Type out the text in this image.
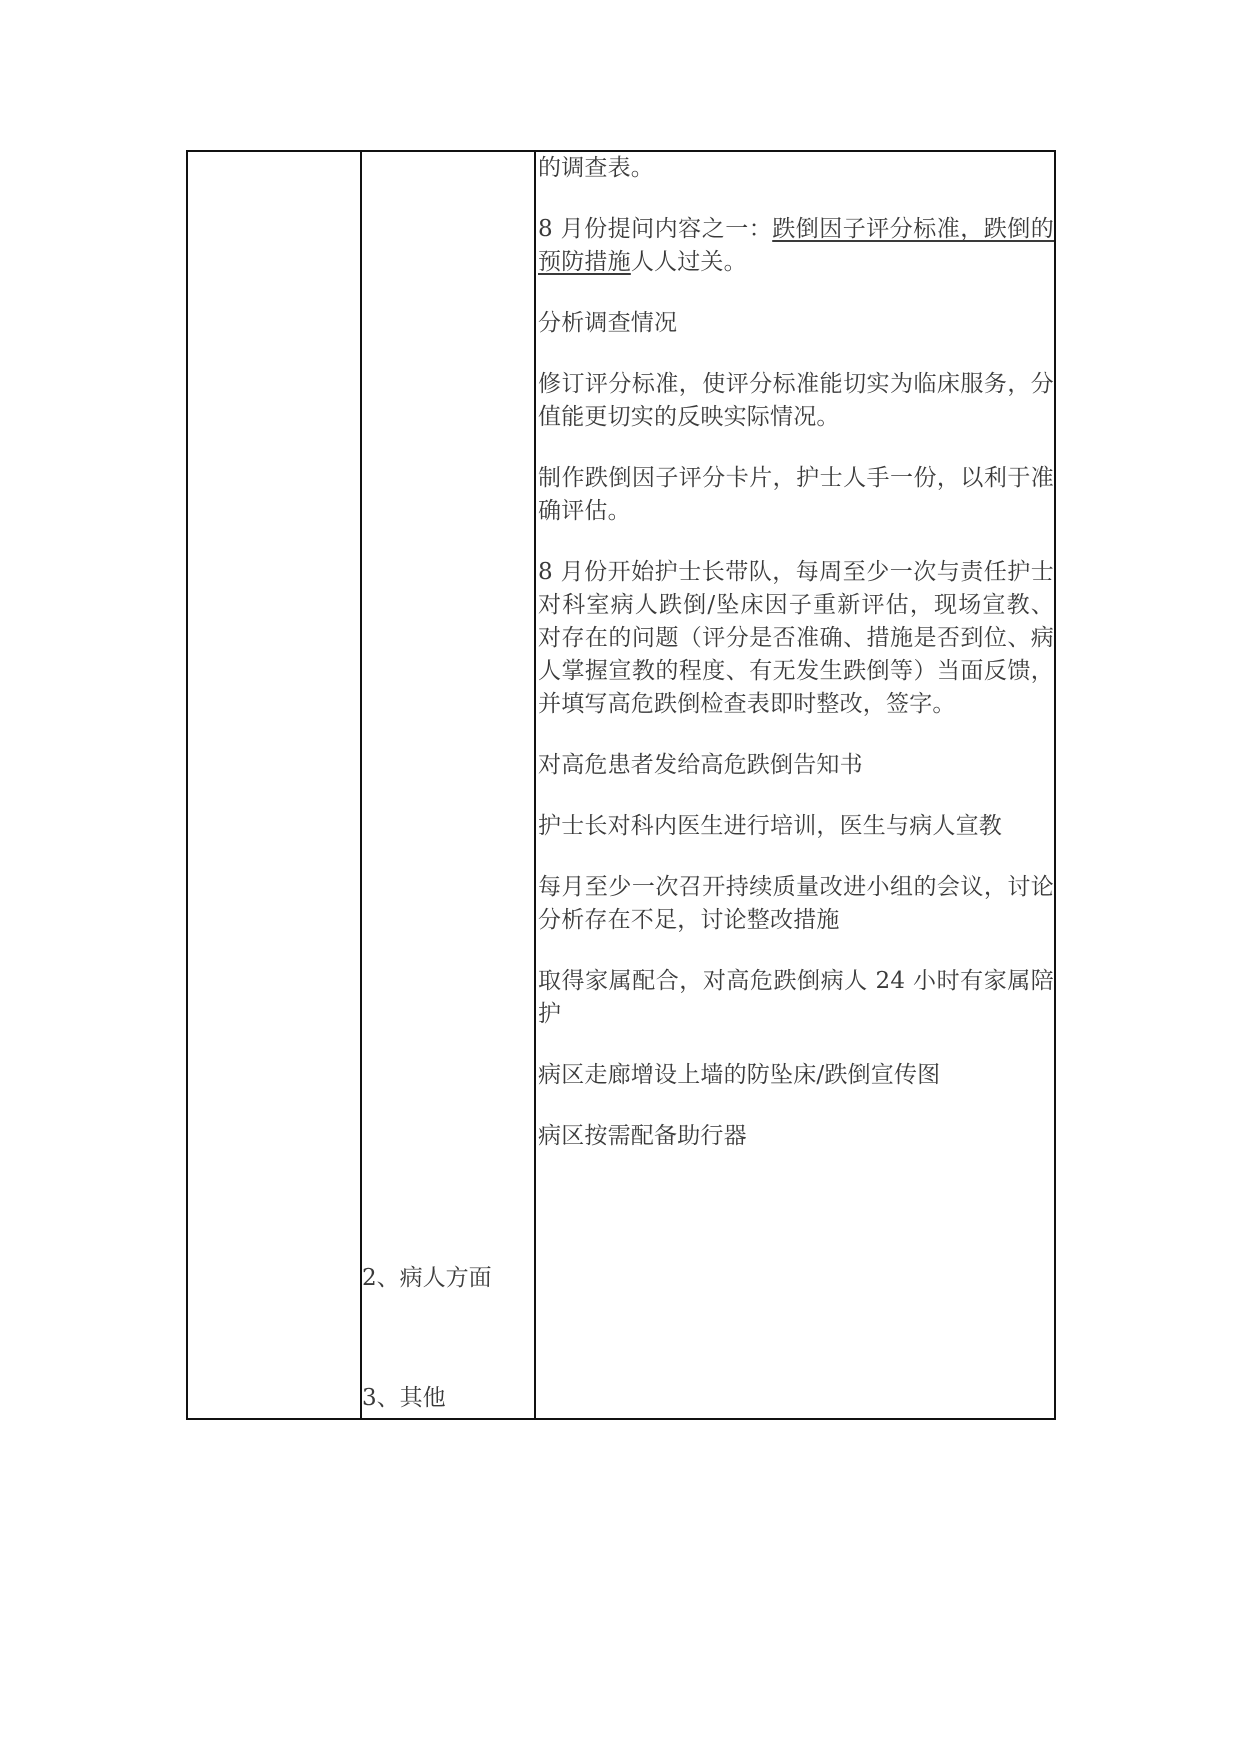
2、病人方面
3、其他

的调查表。

8 月份提问内容之一：跌倒因子评分标准，跌倒的预防措施人人过关。

分析调查情况

修订评分标准，使评分标准能切实为临床服务，分值能更切实的反映实际情况。

制作跌倒因子评分卡片，护士人手一份，以利于准确评估。

8 月份开始护士长带队，每周至少一次与责任护士对科室病人跌倒/坠床因子重新评估，现场宣教、对存在的问题（评分是否准确、措施是否到位、病人掌握宣教的程度、有无发生跌倒等）当面反馈，并填写高危跌倒检查表即时整改，签字。

对高危患者发给高危跌倒告知书

护士长对科内医生进行培训，医生与病人宣教

每月至少一次召开持续质量改进小组的会议，讨论分析存在不足，讨论整改措施

取得家属配合，对高危跌倒病人 24 小时有家属陪护

病区走廊增设上墙的防坠床/跌倒宣传图

病区按需配备助行器
